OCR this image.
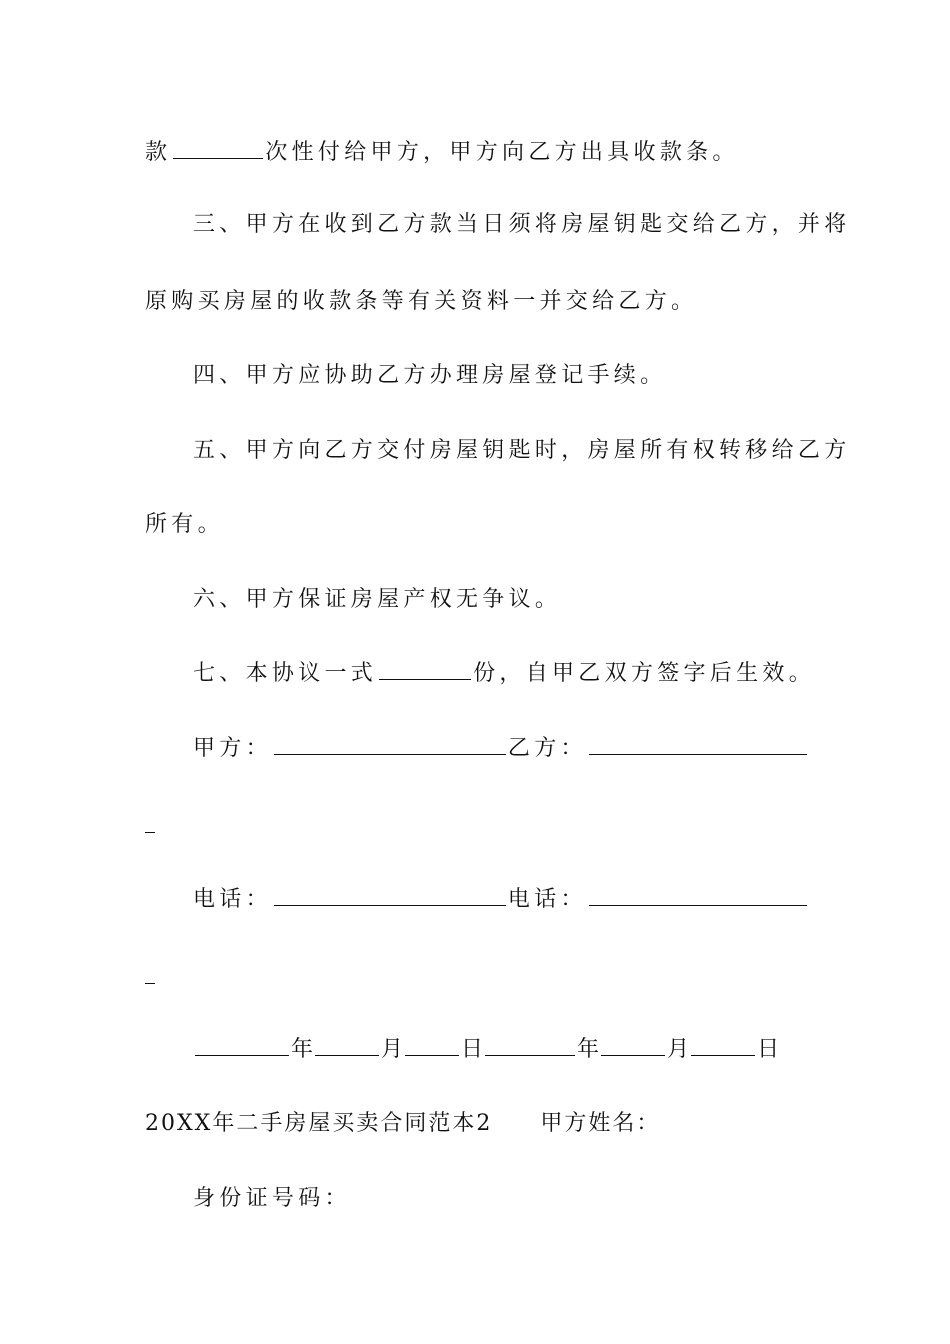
款	次性付给甲方，甲方向乙方出具收款条。
三、甲方在收到乙方款当日须将房屋钥匙交给乙方，并将
原购买房屋的收款条等有关资料一并交给乙方。
四、甲方应协助乙方办理房屋登记手续。
五、甲方向乙方交付房屋钥匙时，房屋所有权转移给乙方
所有。
六、甲方保证房屋产权无争议。
七、本协议一式	份，自甲乙双方签字后生效。
甲方：	乙方：
电话：	电话：
年	月	日	年	月	日
20XX年二手房屋买卖合同范本2 甲方姓名：
身份证号码：
